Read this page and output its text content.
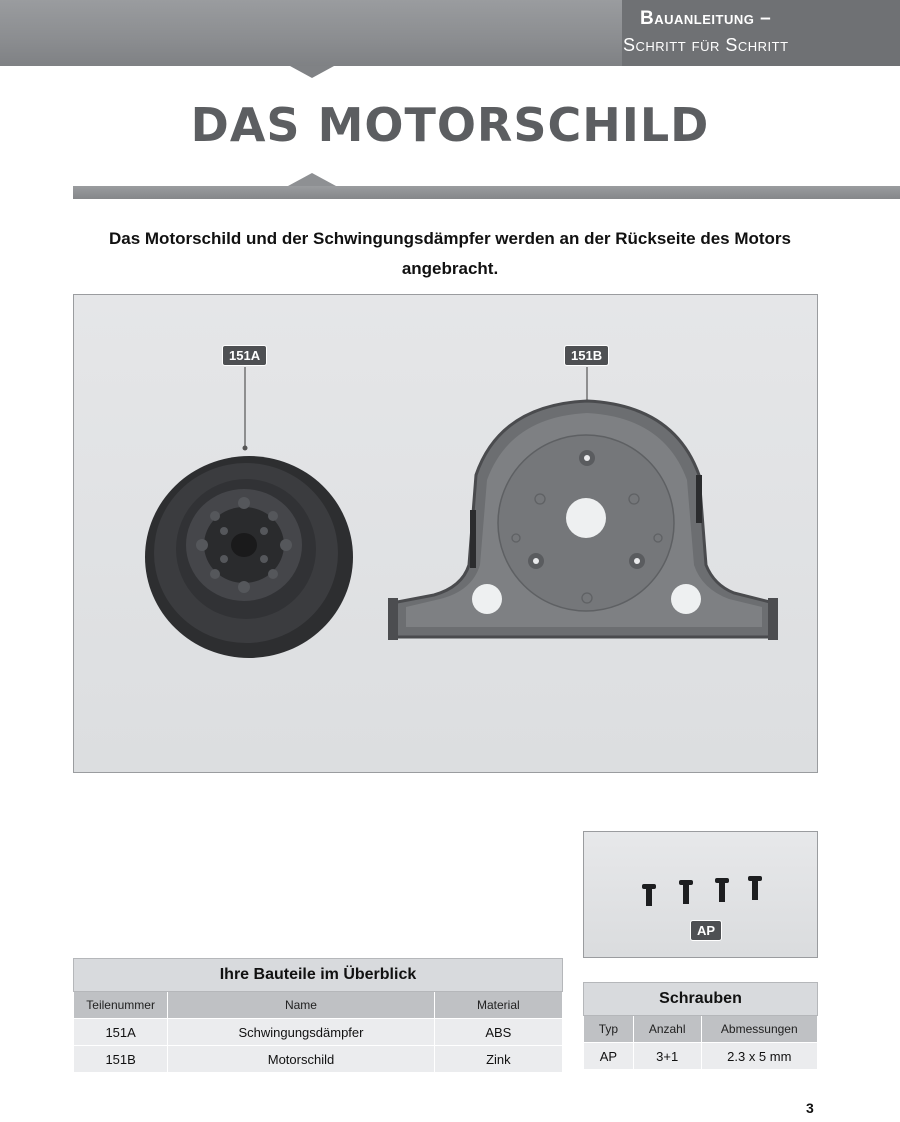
Bauanleitung –
Schritt für Schritt
DAS MOTORSCHILD
Das Motorschild und der Schwingungsdämpfer werden an der Rückseite des Motors angebracht.
151A	151B
AP
Ihre Bauteile im Überblick		
Teilenummer	Name	Material
151A	Schwingungsdämpfer	ABS
151B	Motorschild	Zink
Schrauben		
Typ	Anzahl	Abmessungen
AP	3+1	2.3 x 5 mm
3
